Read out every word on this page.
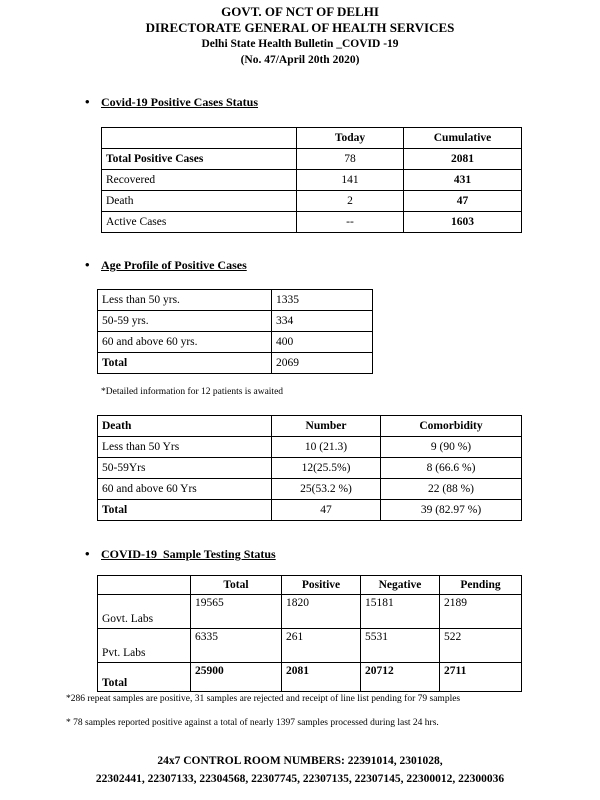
GOVT. OF NCT OF DELHI
DIRECTORATE GENERAL OF HEALTH SERVICES
Delhi State Health Bulletin _COVID -19
(No. 47/April 20th 2020)
• Covid-19 Positive Cases Status
	Today	Cumulative
Total Positive Cases	78	2081
Recovered	141	431
Death	2	47
Active Cases	--	1603
• Age Profile of Positive Cases
Less than 50 yrs.	1335
50-59 yrs.	334
60 and above 60 yrs.	400
Total	2069
*Detailed information for 12 patients is awaited
Death	Number	Comorbidity
Less than 50 Yrs	10 (21.3)	9 (90 %)
50-59Yrs	12(25.5%)	8 (66.6 %)
60 and above 60 Yrs	25(53.2 %)	22 (88 %)
Total	47	39 (82.97 %)
• COVID-19  Sample Testing Status
	Total	Positive	Negative	Pending
Govt. Labs	19565	1820	15181	2189
Pvt. Labs	6335	261	5531	522
Total	25900	2081	20712	2711
*286 repeat samples are positive, 31 samples are rejected and receipt of line list pending for 79 samples
* 78 samples reported positive against a total of nearly 1397 samples processed during last 24 hrs.
24x7 CONTROL ROOM NUMBERS: 22391014, 2301028,
22302441, 22307133, 22304568, 22307745, 22307135, 22307145, 22300012, 22300036
